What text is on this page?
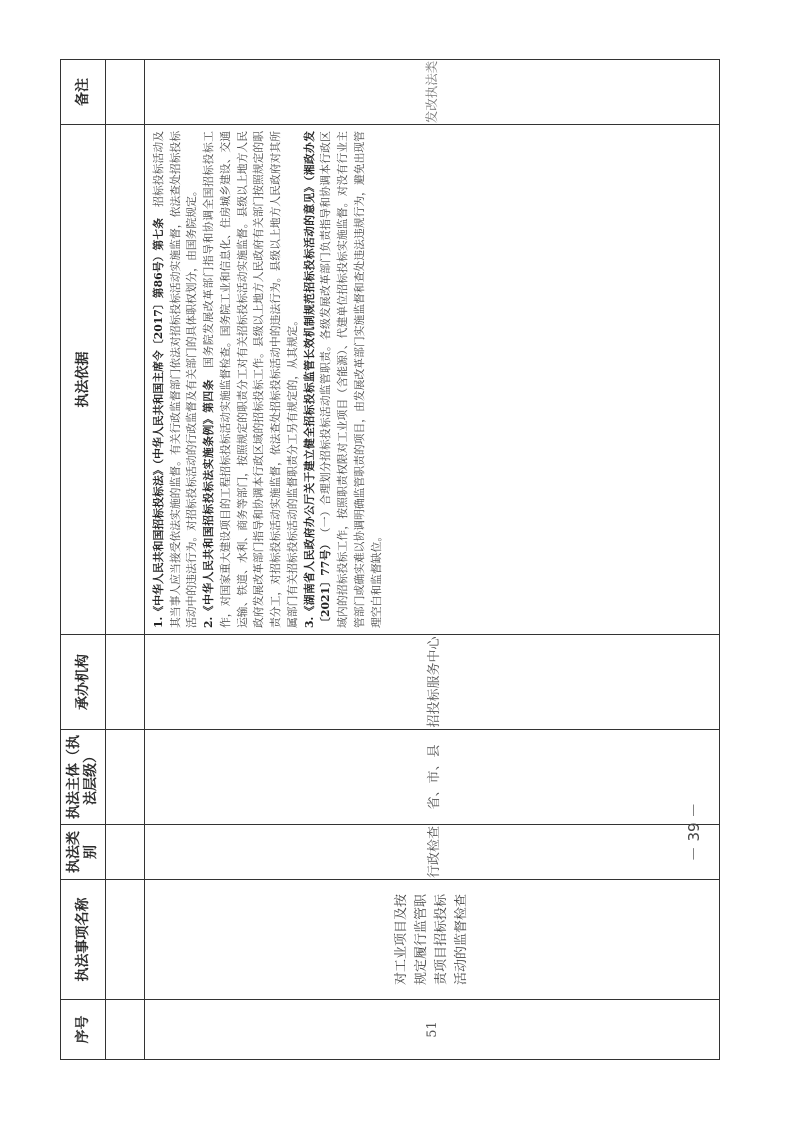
序号	执法事项名称	执法类别	执法主体（执法层级）	承办机构	执法依据	备注

51	对工业项目及按规定履行监管职责项目招标投标活动的监督检查	行政检查	省、市、县	招投标服务中心	1.《中华人民共和国招标投标法》（中华人民共和国主席令〔2017〕第86号）第七条　招标投标活动及其当事人应当接受依法实施的监督。有关行政监督部门依法对招标投标活动实施监督，依法查处招标投标活动中的违法行为。对招标投标活动的行政监督及有关部门的具体职权划分，由国务院规定。 2.《中华人民共和国招标投标法实施条例》第四条　国务院发展改革部门指导和协调全国招标投标工作，对国家重大建设项目的工程招标投标活动实施监督检查。国务院工业和信息化、住房城乡建设、交通运输、铁道、水利、商务等部门，按照规定的职责分工对有关招标投标活动实施监督。县级以上地方人民政府发展改革部门指导和协调本行政区域的招标投标工作。县级以上地方人民政府有关部门按照规定的职责分工，对招标投标活动实施监督，依法查处招标投标活动中的违法行为。县级以上地方人民政府对其所属部门有关招标投标活动的监督职责分工另有规定的，从其规定。 3.《湖南省人民政府办公厅关于建立健全招标投标监管长效机制规范招标投标活动的意见》（湘政办发〔2021〕77号）　（一）合理划分招标投标活动监管职责。各级发展改革部门负责指导和协调本行政区域内的招标投标工作，按照职责权限对工业项目（含能源）、代建单位招标投标实施监督。对没有行业主管部门或确实难以协调明确监管职责的项目，由发展改革部门实施监督和查处违法违规行为，避免出现管理空白和监督缺位。	发改执法类
－ 39 －
